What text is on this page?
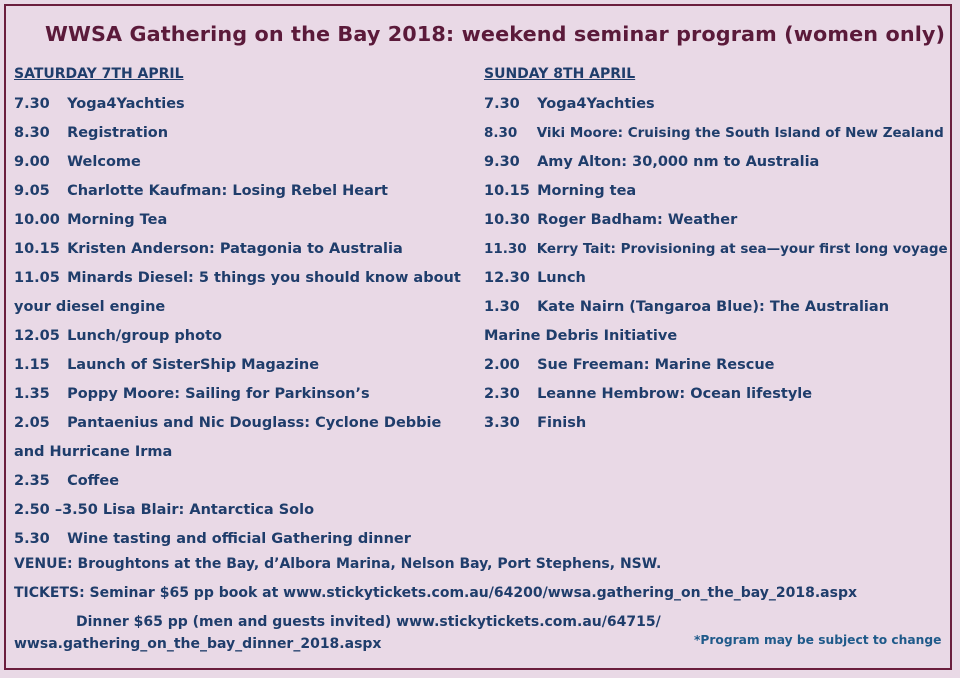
WWSA Gathering on the Bay 2018: weekend seminar program (women only)
SATURDAY 7TH APRIL
7.30 Yoga4Yachties
8.30 Registration
9.00 Welcome
9.05 Charlotte Kaufman: Losing Rebel Heart
10.00 Morning Tea
10.15 Kristen Anderson: Patagonia to Australia
11.05 Minards Diesel: 5 things you should know about your diesel engine
12.05 Lunch/group photo
1.15 Launch of SisterShip Magazine
1.35 Poppy Moore: Sailing for Parkinson’s
2.05 Pantaenius and Nic Douglass: Cyclone Debbie and Hurricane Irma
2.35 Coffee
2.50 –3.50 Lisa Blair: Antarctica Solo
5.30 Wine tasting and official Gathering dinner
SUNDAY 8TH APRIL
7.30 Yoga4Yachties
8.30 Viki Moore: Cruising the South Island of New Zealand
9.30 Amy Alton: 30,000 nm to Australia
10.15 Morning tea
10.30 Roger Badham: Weather
11.30 Kerry Tait: Provisioning at sea—your first long voyage
12.30 Lunch
1.30 Kate Nairn (Tangaroa Blue): The Australian Marine Debris Initiative
2.00 Sue Freeman: Marine Rescue
2.30 Leanne Hembrow: Ocean lifestyle
3.30 Finish
VENUE: Broughtons at the Bay, d’Albora Marina, Nelson Bay, Port Stephens, NSW.
TICKETS: Seminar $65 pp book at www.stickytickets.com.au/64200/wwsa.gathering_on_the_bay_2018.aspx
Dinner $65 pp (men and guests invited) www.stickytickets.com.au/64715/
wwsa.gathering_on_the_bay_dinner_2018.aspx	*Program may be subject to change
